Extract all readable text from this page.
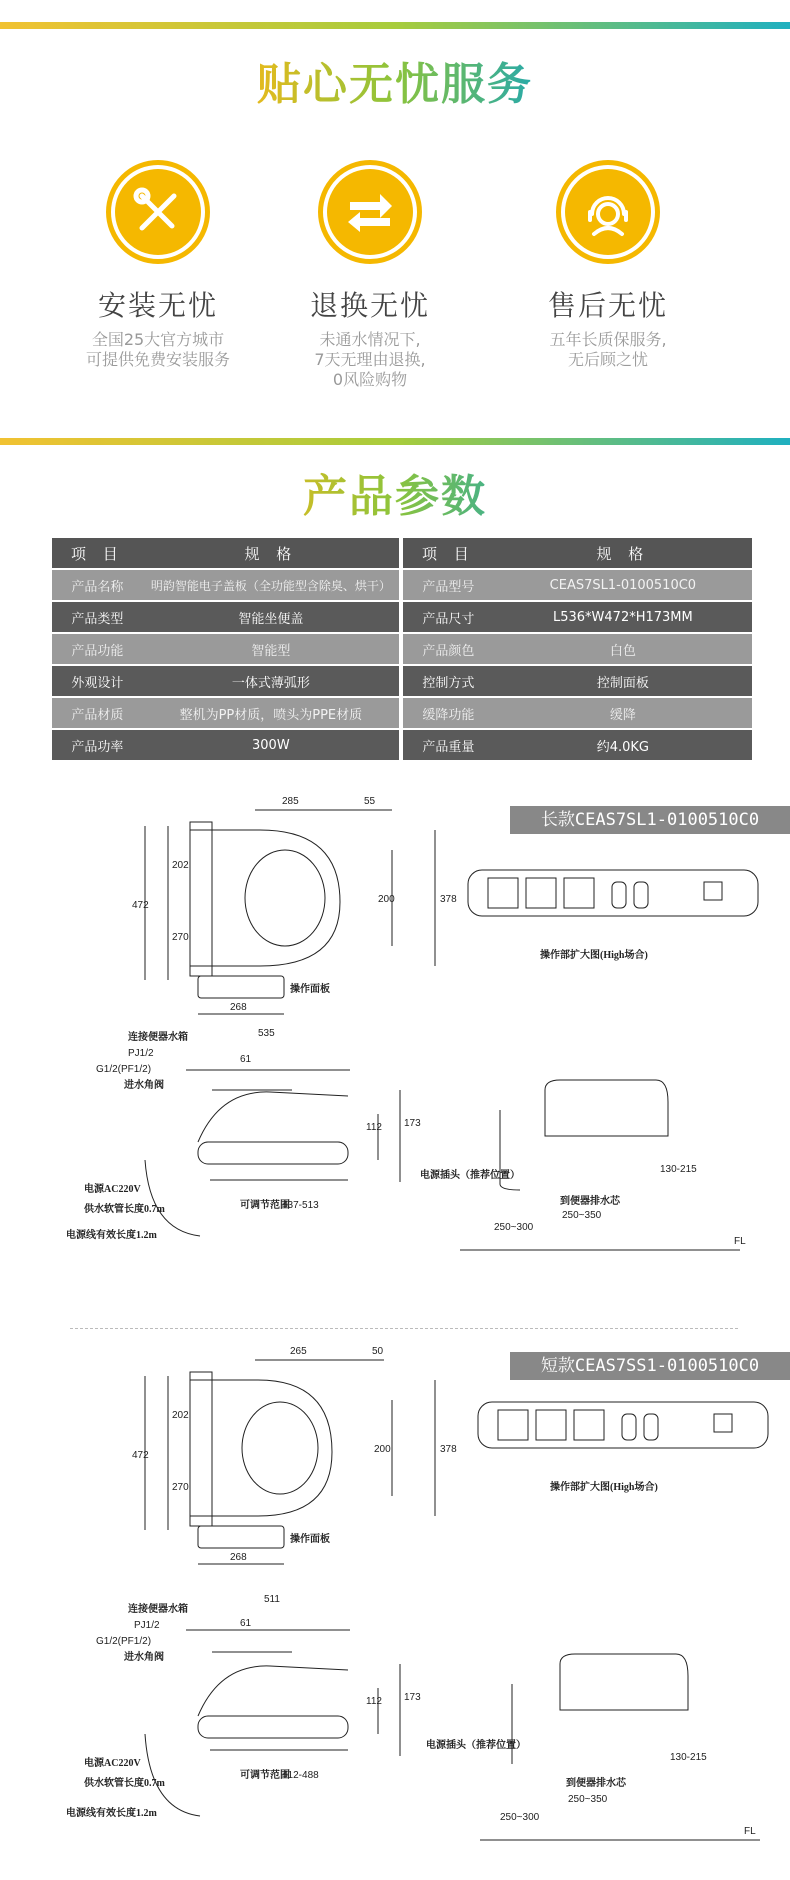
贴心无忧服务
安装无忧

全国25大官方城市

可提供免费安装服务

退换无忧

未通水情况下,

7天无理由退换,

0风险购物

售后无忧

五年长质保服务,

无后顾之忧

产品参数
项 目	规 格		项 目	规 格
产品名称	明韵智能电子盖板（全功能型含除臭、烘干）		产品型号	CEAS7SL1-0100510C0
产品类型	智能坐便盖		产品尺寸	L536*W472*H173MM
产品功能	智能型		产品颜色	白色
外观设计	一体式薄弧形		控制方式	控制面板
产品材质	整机为PP材质，喷头为PPE材质		缓降功能	缓降
产品功率	300W		产品重量	约4.0KG
长款CEAS7SL1-0100510C0
285	55
202
270
472
200	378
268
操作面板
操作部扩大图(High场合)
535
61
173
112
可调节范围
437-513
连接便器水箱
PJ1/2
G1/2(PF1/2)
进水角阀
电源AC220V
供水软管长度0.7m
电源线有效长度1.2m
电源插头（推荐位置）
130-215
250~300
到便器排水芯
250~350
FL
短款CEAS7SS1-0100510C0
265	50
202
270
472
200	378
268
操作面板
操作部扩大图(High场合)
511
61
173
112
可调节范围
412-488
连接便器水箱
PJ1/2
G1/2(PF1/2)
进水角阀
电源AC220V
供水软管长度0.7m
电源线有效长度1.2m
电源插头（推荐位置）
130-215
250~300
到便器排水芯
250~350
FL
